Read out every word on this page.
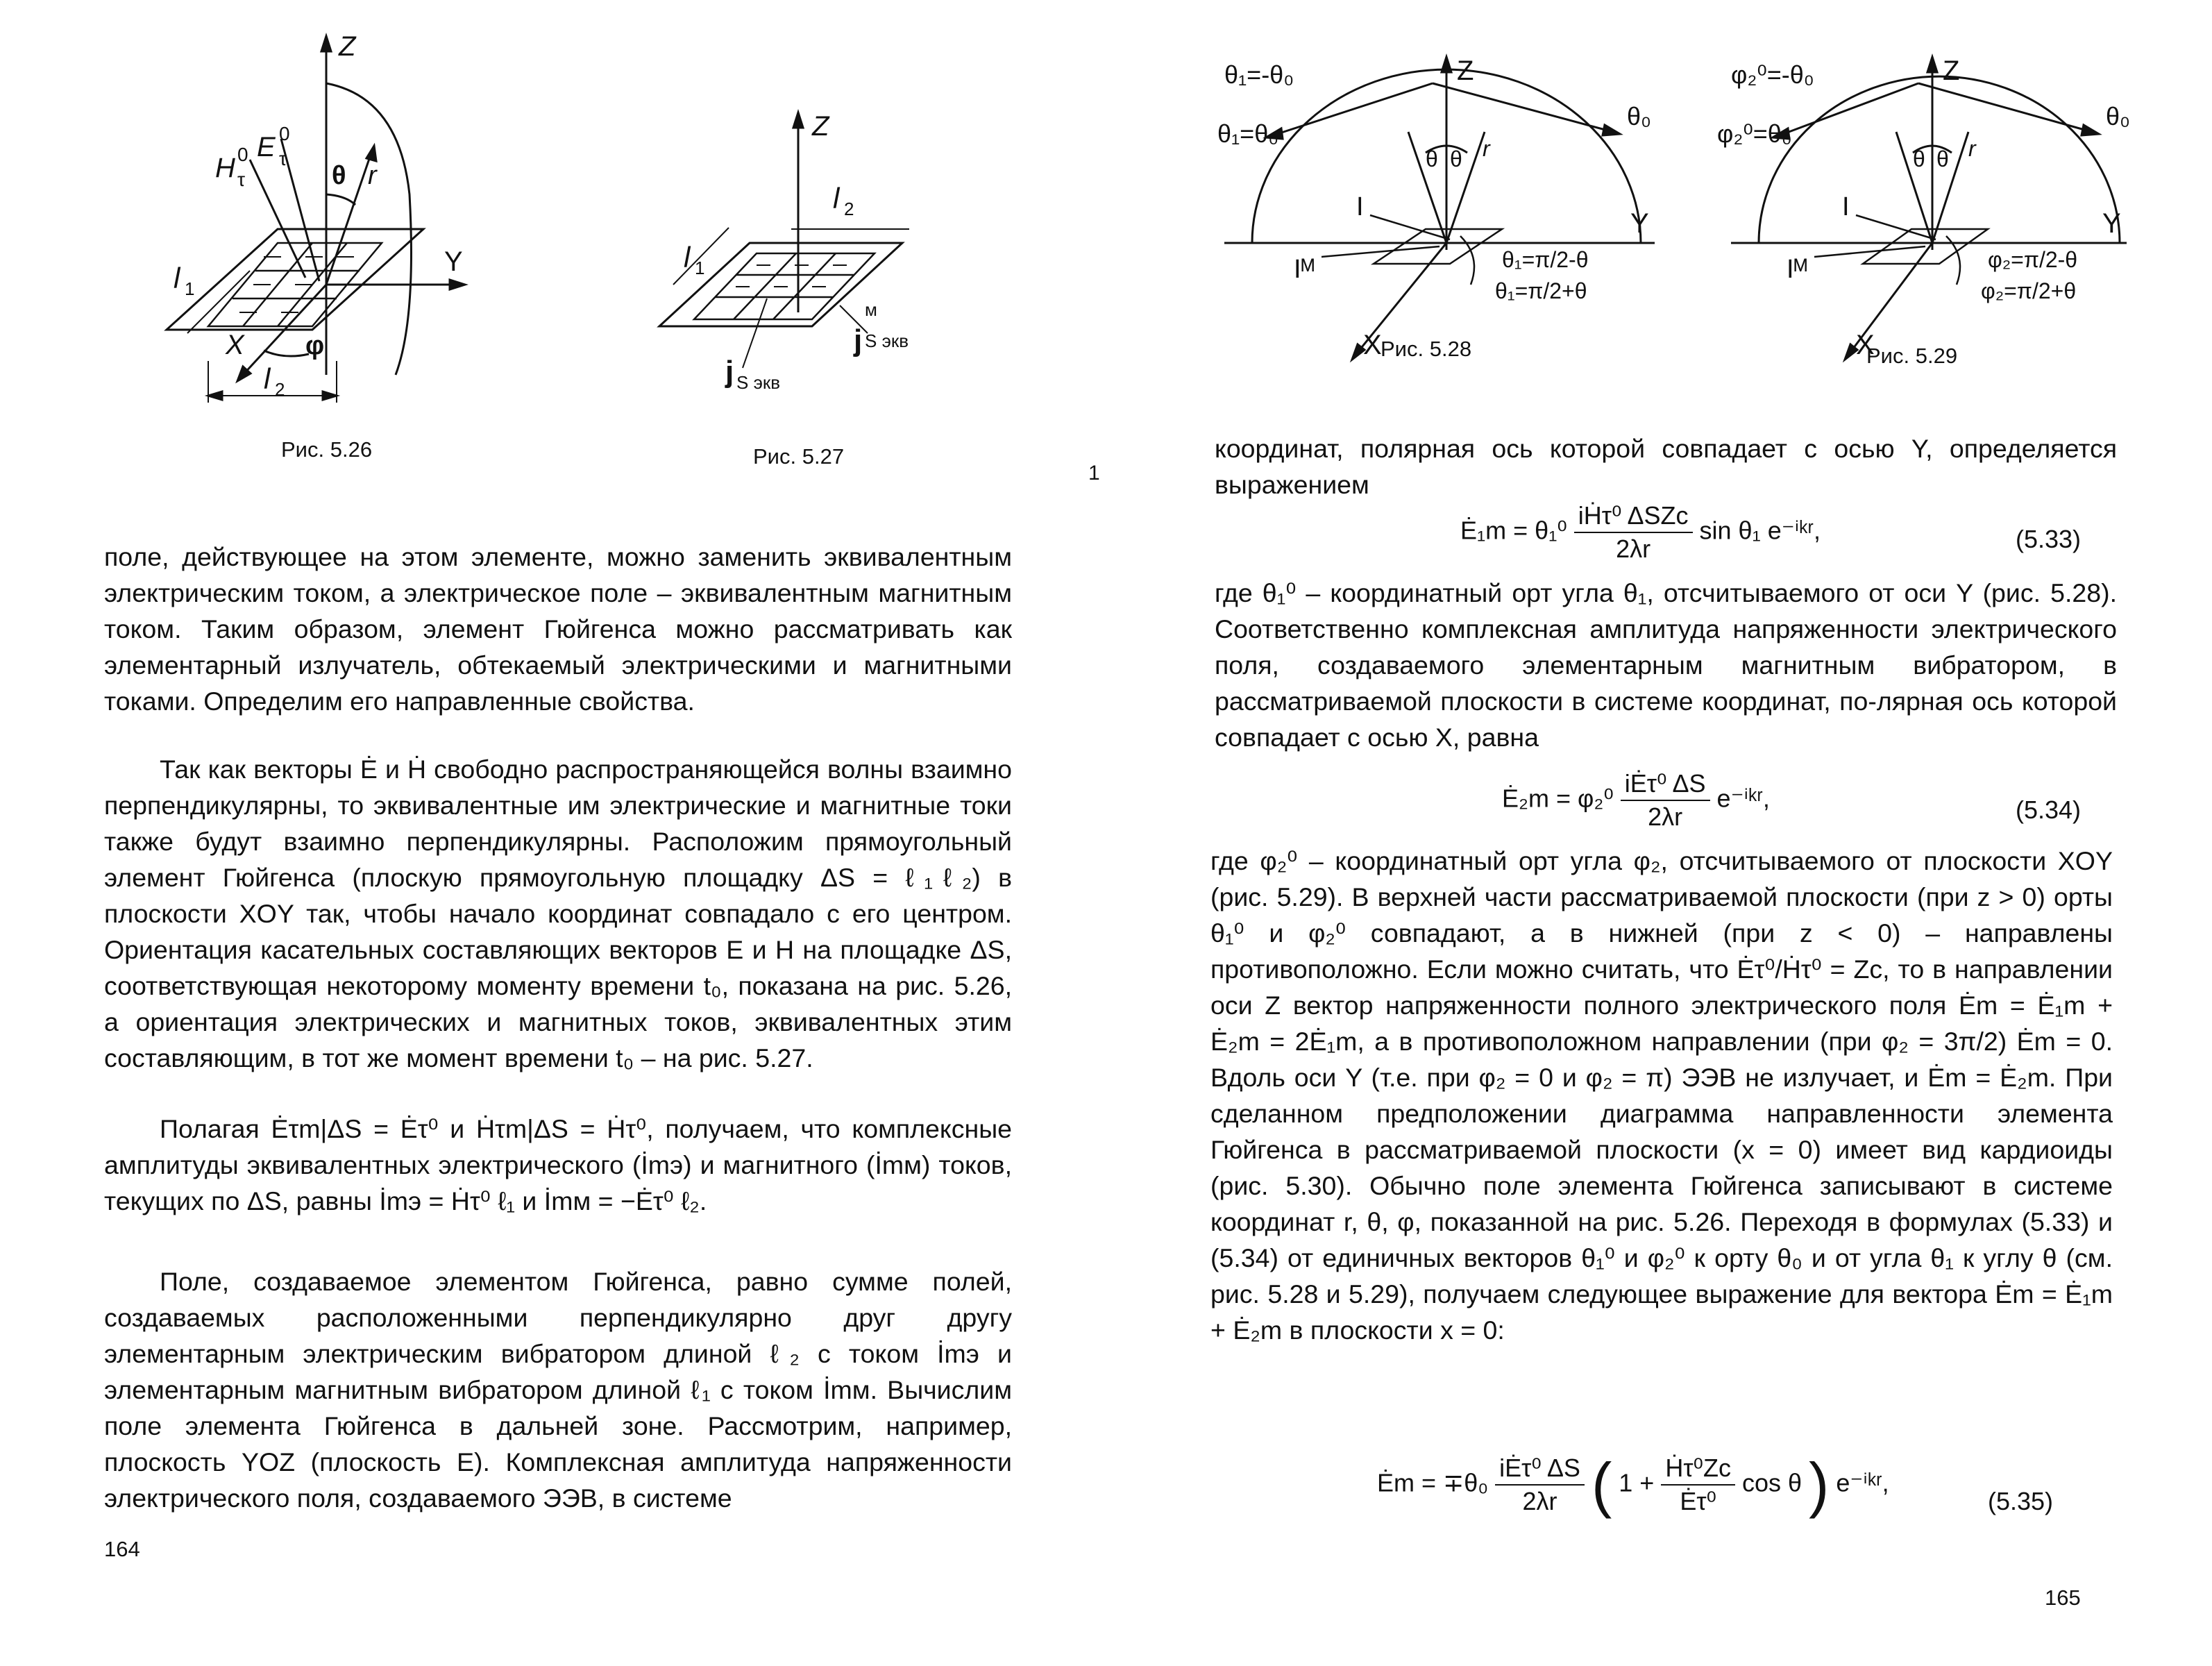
Z
Y
X
H 0
τ
E 0
τ
θ r
l 1
l 2
φ
Рис. 5.26
Z
l 1
l 2
j
м
S экв
j S экв
Рис. 5.27
1

поле, действующее на этом элементе, можно заменить эквивалентным электрическим током, а электрическое поле – эквивалентным магнитным током. Таким образом, элемент Гюйгенса можно рассматривать как элементарный излучатель, обтекаемый электрическими и магнитными токами. Определим его направленные свойства.

Так как векторы Ė и Ḣ свободно распространяющейся волны взаимно перпендикулярны, то эквивалентные им электрические и магнитные токи также будут взаимно перпендикулярны. Расположим прямоугольный элемент Гюйгенса (плоскую прямоугольную площадку ΔS = ℓ₁ℓ₂) в плоскости XOY так, чтобы начало координат совпадало с его центром. Ориентация касательных составляющих векторов E и H на площадке ΔS, соответствующая некоторому моменту времени t₀, показана на рис. 5.26, а ориентация электрических и магнитных токов, эквивалентных этим составляющим, в тот же момент времени t₀ – на рис. 5.27.

Полагая Ėτm|ΔS = Ėτ⁰ и Ḣτm|ΔS = Ḣτ⁰, получаем, что комплексные амплитуды эквивалентных электрического (İmэ) и магнитного (İmм) токов, текущих по ΔS, равны İmэ = Ḣτ⁰ ℓ₁ и İmм = −Ėτ⁰ ℓ₂.

Поле, создаваемое элементом Гюйгенса, равно сумме полей, создаваемых расположенными перпендикулярно друг другу элементарным электрическим вибратором длиной ℓ₂ с током İmэ и элементарным магнитным вибратором длиной ℓ₁ с током İmм. Вычислим поле элемента Гюйгенса в дальней зоне. Рассмотрим, например, плоскость YOZ (плоскость E). Комплексная амплитуда напряженности электрического поля, создаваемого ЭЭВ, в системе

164
θ₁=-θ₀
θ₁=θ₀
θ₀
Z
Y
X
I
Iᴹ
θ θ r
θ₁=π/2-θ
θ₁=π/2+θ
Рис. 5.28
φ₂⁰=-θ₀
φ₂⁰=θ₀
θ₀
Z
Y
X
I
Iᴹ
θ θ r
φ₂=π/2-θ
φ₂=π/2+θ
Рис. 5.29

координат, полярная ось которой совпадает с осью Y, определяется выражением

Ė₁m = $\theta_1^0 \frac{\text{iḢτ⁰ ΔSZc}}{2\lambda r}$ sin θ₁ e⁻ⁱᵏʳ,	(5.33)

где θ₁⁰ – координатный орт угла θ₁, отсчитываемого от оси Y (рис. 5.28). Соответственно комплексная амплитуда напряженности электрического поля, создаваемого элементарным магнитным вибратором, в рассматриваемой плоскости в системе координат, по-лярная ось которой совпадает с осью X, равна

Ė₂m = $\varphi_2^0 \frac{\text{iĖτ⁰ ΔS}}{2\lambda r}$ e⁻ⁱᵏʳ,	(5.34)

где φ₂⁰ – координатный орт угла φ₂, отсчитываемого от плоскости XOY (рис. 5.29). В верхней части рассматриваемой плоскости (при z > 0) орты θ₁⁰ и φ₂⁰ совпадают, а в нижней (при z < 0) – направлены противоположно. Если можно считать, что Ėτ⁰/Ḣτ⁰ = Zc, то в направлении оси Z вектор напряженности полного электрического поля Ėm = Ė₁m + Ė₂m = 2Ė₁m, а в противоположном направлении (при φ₂ = 3π/2) Ėm = 0. Вдоль оси Y (т.е. при φ₂ = 0 и φ₂ = π) ЭЭВ не излучает, и Ėm = Ė₂m. При сделанном предположении диаграмма направленности элемента Гюйгенса в рассматриваемой плоскости (x = 0) имеет вид кардиоиды (рис. 5.30). Обычно поле элемента Гюйгенса записывают в системе координат r, θ, φ, показанной на рис. 5.26. Переходя в формулах (5.33) и (5.34) от единичных векторов θ₁⁰ и φ₂⁰ к орту θ₀ и от угла θ₁ к углу θ (см. рис. 5.28 и 5.29), получаем следующее выражение для вектора Ėm = Ė₁m + Ė₂m в плоскости x = 0:

Ėm = $\mp\theta_0 \frac{\text{iĖτ⁰ ΔS}}{2\lambda r}$ ( $1 + \frac{\text{Ḣτ⁰Zc}}{\text{Ėτ⁰}}$ cos θ ) e⁻ⁱᵏʳ,
(5.35)
165
